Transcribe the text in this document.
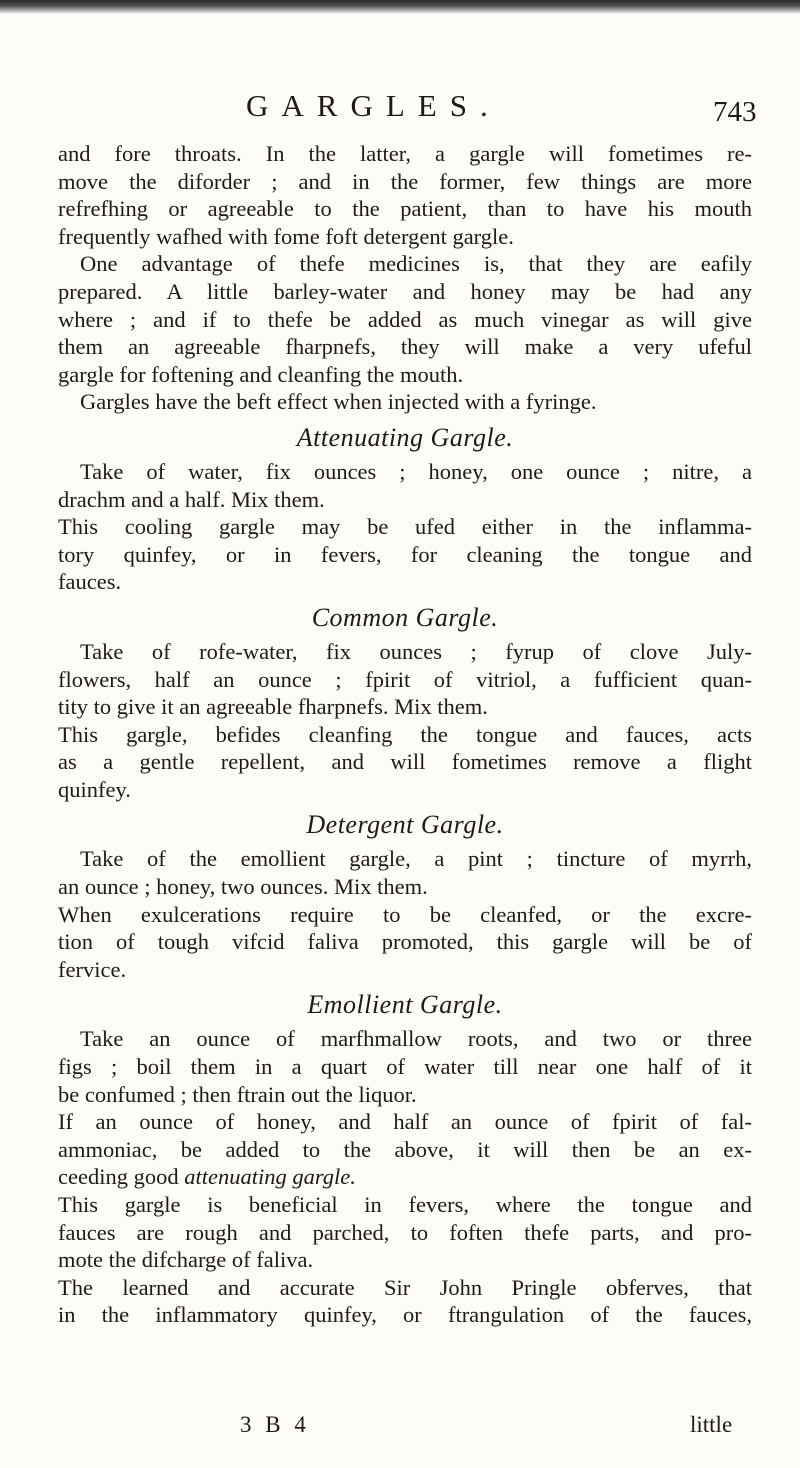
GARGLES.	743

and fore throats. In the latter, a gargle will fometimes re-
move the diforder ; and in the former, few things are more
refrefhing or agreeable to the patient, than to have his mouth
frequently wafhed with fome foft detergent gargle.

One advantage of thefe medicines is, that they are eafily
prepared. A little barley-water and honey may be had any
where ; and if to thefe be added as much vinegar as will give
them an agreeable fharpnefs, they will make a very ufeful
gargle for foftening and cleanfing the mouth.

Gargles have the beft effect when injected with a fyringe.

Attenuating Gargle.

Take of water, fix ounces ; honey, one ounce ; nitre, a
drachm and a half. Mix them.
This cooling gargle may be ufed either in the inflamma-
tory quinfey, or in fevers, for cleaning the tongue and
fauces.

Common Gargle.

Take of rofe-water, fix ounces ; fyrup of clove July-
flowers, half an ounce ; fpirit of vitriol, a fufficient quan-
tity to give it an agreeable fharpnefs. Mix them.
This gargle, befides cleanfing the tongue and fauces, acts
as a gentle repellent, and will fometimes remove a flight
quinfey.

Detergent Gargle.

Take of the emollient gargle, a pint ; tincture of myrrh,
an ounce ; honey, two ounces. Mix them.
When exulcerations require to be cleanfed, or the excre-
tion of tough vifcid faliva promoted, this gargle will be of
fervice.

Emollient Gargle.

Take an ounce of marfhmallow roots, and two or three
figs ; boil them in a quart of water till near one half of it
be confumed ; then ftrain out the liquor.
If an ounce of honey, and half an ounce of fpirit of fal-
ammoniac, be added to the above, it will then be an ex-
ceeding good attenuating gargle.
This gargle is beneficial in fevers, where the tongue and
fauces are rough and parched, to foften thefe parts, and pro-
mote the difcharge of faliva.
The learned and accurate Sir John Pringle obferves, that
in the inflammatory quinfey, or ftrangulation of the fauces,

3 B 4	little
